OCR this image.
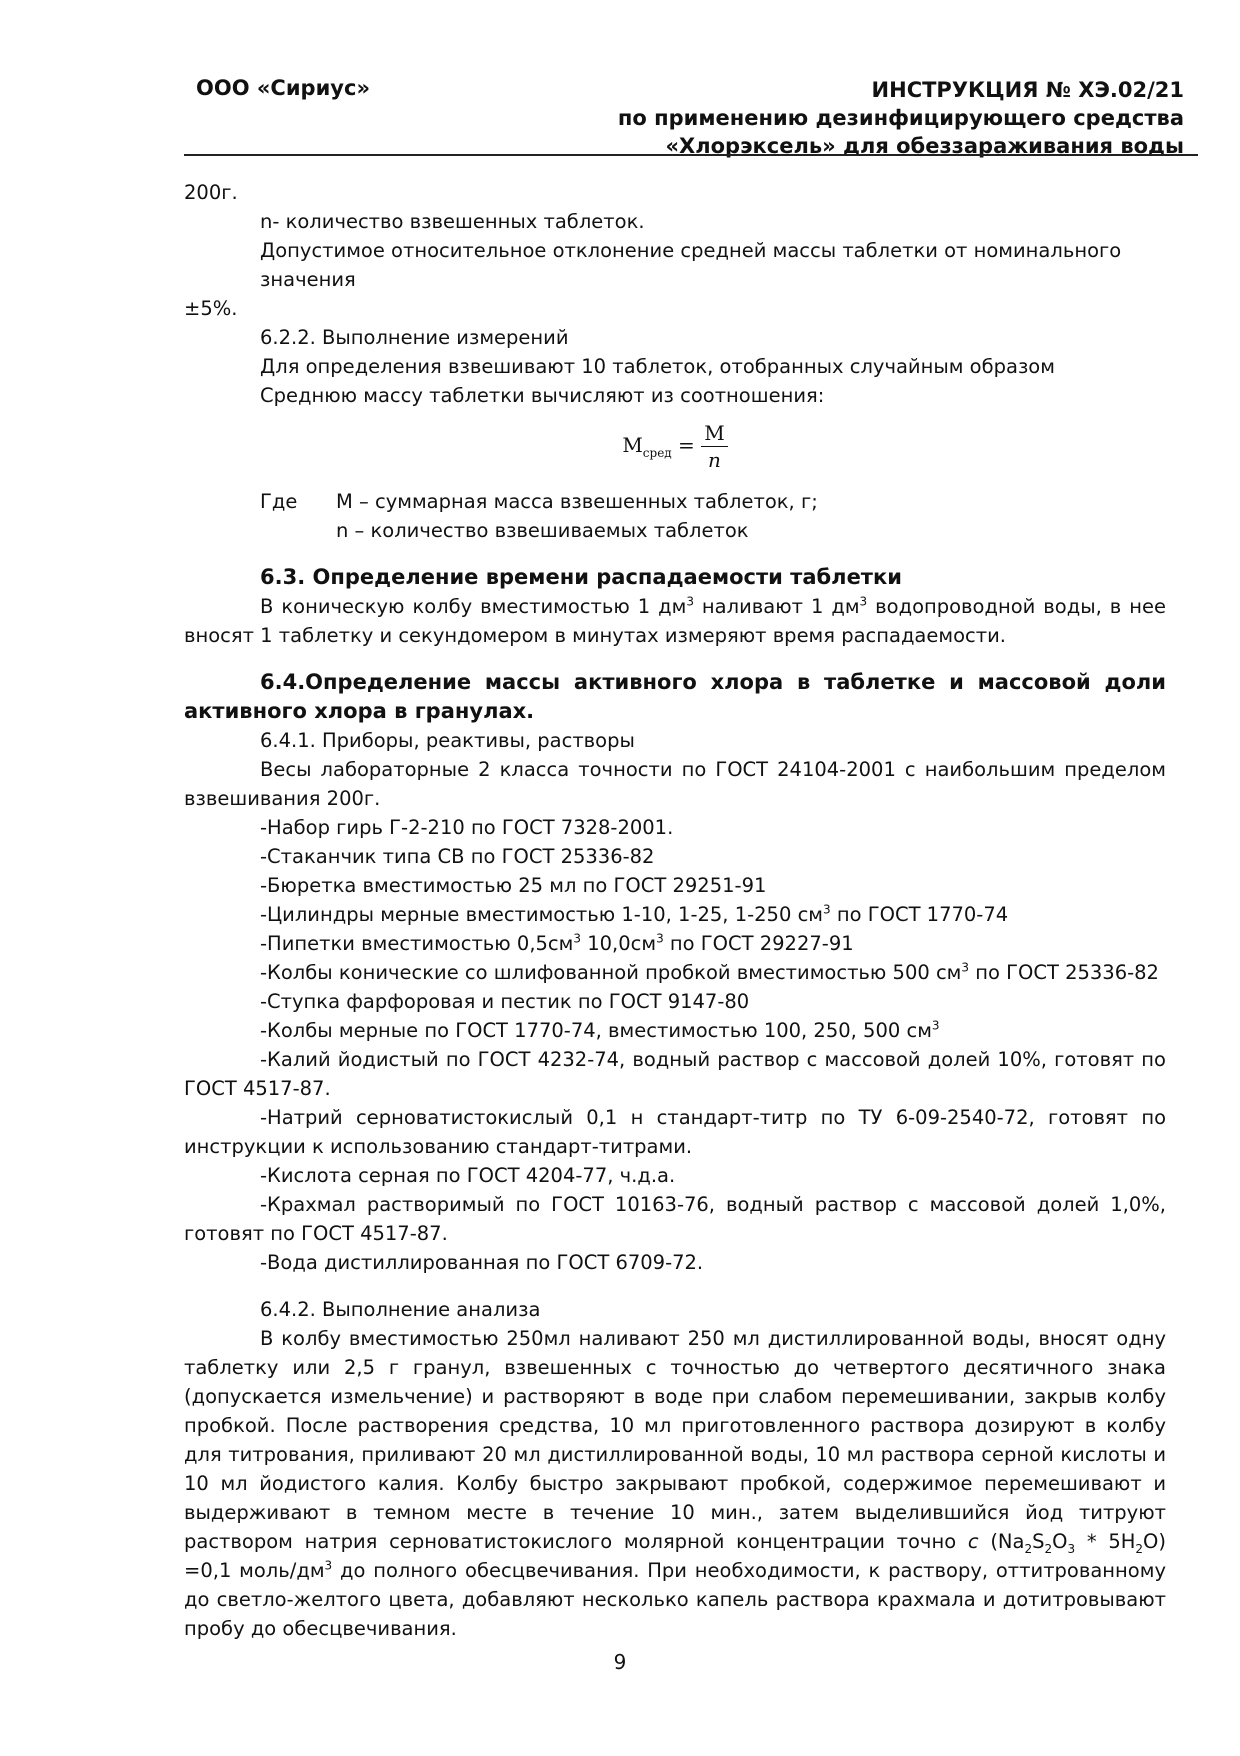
ООО «Сириус»	ИНСТРУКЦИЯ № ХЭ.02/21
по применению дезинфицирующего средства
«Хлорэксель» для обеззараживания воды

200г.

n- количество взвешенных таблеток.

Допустимое относительное отклонение средней массы таблетки от номинального значения

±5%.

6.2.2. Выполнение измерений

Для определения взвешивают 10 таблеток, отобранных случайным образом

Среднюю массу таблетки вычисляют из соотношения:

$M_{сред} = \frac{M}{n}$
Где	М – суммарная масса взвешенных таблеток, г;

n – количество взвешиваемых таблеток

6.3. Определение времени распадаемости таблетки

В коническую колбу вместимостью 1 $дм^3$ наливают 1 $дм^3$ водопроводной воды, в нее вносят 1 таблетку и секундомером в минутах измеряют время распадаемости.

6.4.Определение массы активного хлора в таблетке и массовой доли активного хлора в гранулах.

6.4.1. Приборы, реактивы, растворы

Весы лабораторные 2 класса точности по ГОСТ 24104-2001 с наибольшим пределом взвешивания 200г.

-Набор гирь Г-2-210 по ГОСТ 7328-2001.

-Стаканчик типа СВ по ГОСТ 25336-82

-Бюретка вместимостью 25 мл по ГОСТ 29251-91

-Цилиндры мерные вместимостью 1-10, 1-25, 1-250 $см^3$ по ГОСТ 1770-74

-Пипетки вместимостью $0,5см^3$ $10,0см^3$ по ГОСТ 29227-91

-Колбы конические со шлифованной пробкой вместимостью 500 $см^3$ по ГОСТ 25336-82

-Ступка фарфоровая и пестик по ГОСТ 9147-80

-Колбы мерные по ГОСТ 1770-74, вместимостью 100, 250, 500 $см^3$

-Калий йодистый по ГОСТ 4232-74, водный раствор с массовой долей 10%, готовят по ГОСТ 4517-87.

-Натрий серноватистокислый 0,1 н стандарт-титр по ТУ 6-09-2540-72, готовят по инструкции к использованию стандарт-титрами.

-Кислота серная по ГОСТ 4204-77, ч.д.а.

-Крахмал растворимый по ГОСТ 10163-76, водный раствор с массовой долей 1,0%, готовят по ГОСТ 4517-87.

-Вода дистиллированная по ГОСТ 6709-72.

6.4.2. Выполнение анализа

В колбу вместимостью 250мл наливают 250 мл дистиллированной воды, вносят одну таблетку или 2,5 г гранул, взвешенных с точностью до четвертого десятичного знака (допускается измельчение) и растворяют в воде при слабом перемешивании, закрыв колбу пробкой. После растворения средства, 10 мл приготовленного раствора дозируют в колбу для титрования, приливают 20 мл дистиллированной воды, 10 мл раствора серной кислоты и 10 мл йодистого калия. Колбу быстро закрывают пробкой, содержимое перемешивают и выдерживают в темном месте в течение 10 мин., затем выделившийся йод титруют раствором натрия серноватистокислого молярной концентрации точно c $(Na_2S_2O_3 * 5H_2O) =0,1$ моль/$дм^3$ до полного обесцвечивания. При необходимости, к раствору, оттитрованному до светло-желтого цвета, добавляют несколько капель раствора крахмала и дотитровывают пробу до обесцвечивания.

9
